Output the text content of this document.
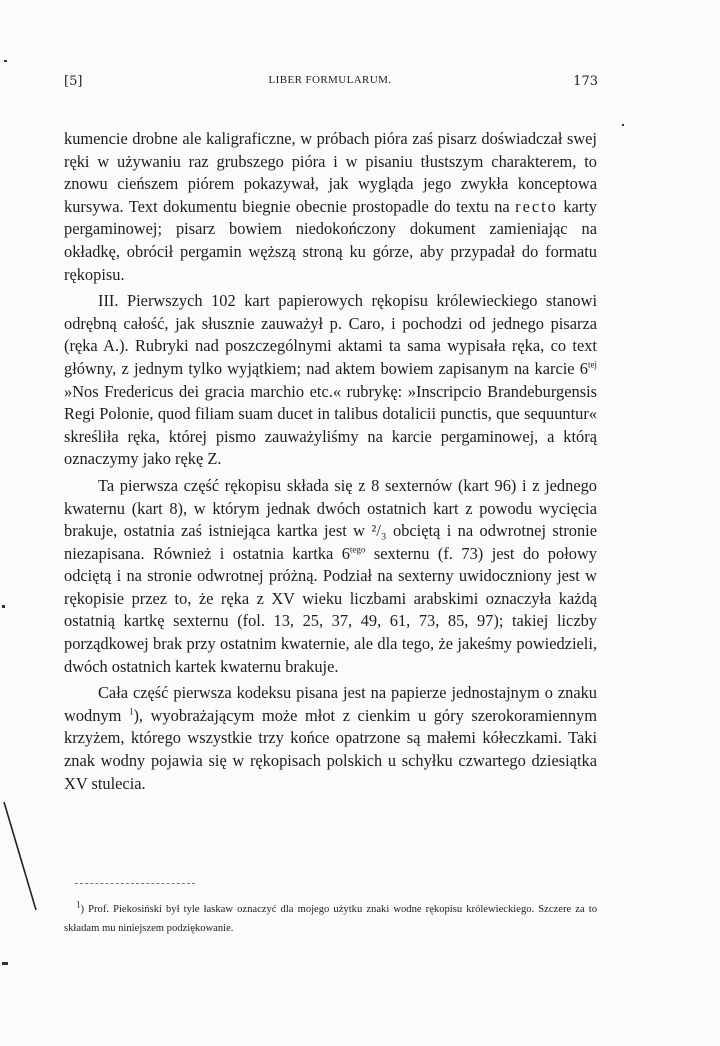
[5]	LIBER FORMULARUM.	173

kumencie drobne ale kaligraficzne, w próbach pióra zaś pisarz doświadczał swej ręki w używaniu raz grubszego pióra i w pisaniu tłustszym charakterem, to znowu cieńszem piórem pokazywał, jak wygląda jego zwykła konceptowa kursywa. Text dokumentu biegnie obecnie prostopadle do textu na recto karty pergaminowej; pisarz bowiem niedokończony dokument zamieniając na okładkę, obrócił pergamin węższą stroną ku górze, aby przypadał do formatu rękopisu.

III. Pierwszych 102 kart papierowych rękopisu królewieckiego stanowi odrębną całość, jak słusznie zauważył p. Caro, i pochodzi od jednego pisarza (ręka A.). Rubryki nad poszczególnymi aktami ta sama wypisała ręka, co text główny, z jednym tylko wyjątkiem; nad aktem bowiem zapisanym na karcie $6^{tej}$ »Nos Fredericus dei gracia marchio etc.« rubrykę: »Inscripcio Brandeburgensis Regi Polonie, quod filiam suam ducet in talibus dotalicii punctis, que sequuntur« skreśliła ręka, której pismo zauważyliśmy na karcie pergaminowej, a którą oznaczymy jako rękę Z.

Ta pierwsza część rękopisu składa się z 8 sexternów (kart 96) i z jednego kwaternu (kart 8), w którym jednak dwóch ostatnich kart z powodu wycięcia brakuje, ostatnia zaś istniejąca kartka jest w ²/₃ obciętą i na odwrotnej stronie niezapisana. Również i ostatnia kartka $6^{tego}$ sexternu (f. 73) jest do połowy odciętą i na stronie odwrotnej próżną. Podział na sexterny uwidoczniony jest w rękopisie przez to, że ręka z XV wieku liczbami arabskimi oznaczyła każdą ostatnią kartkę sexternu (fol. 13, 25, 37, 49, 61, 73, 85, 97); takiej liczby porządkowej brak przy ostatnim kwaternie, ale dla tego, że jakeśmy powiedzieli, dwóch ostatnich kartek kwaternu brakuje.

Cała część pierwsza kodeksu pisana jest na papierze jednostajnym o znaku wodnym $^1$), wyobrażającym może młot z cienkim u góry szerokoramiennym krzyżem, którego wszystkie trzy końce opatrzone są małemi kółeczkami. Taki znak wodny pojawia się w rękopisach polskich u schyłku czwartego dziesiątka XV stulecia.

$^1$) Prof. Piekosiński był tyle łaskaw oznaczyć dla mojego użytku znaki wodne rękopisu królewieckiego. Szczere za to składam mu niniejszem podziękowanie.
